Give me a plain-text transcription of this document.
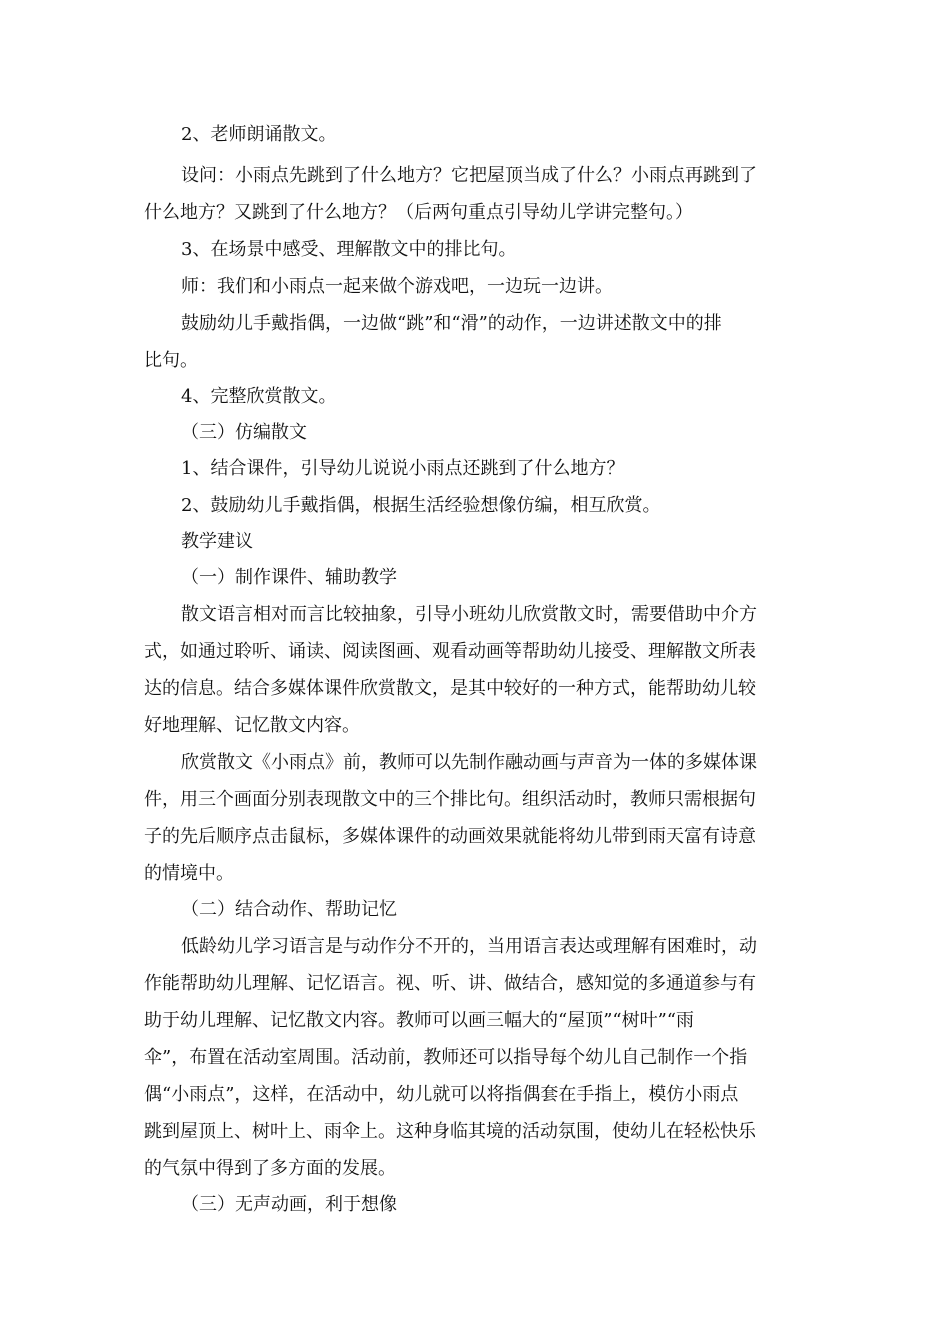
2、老师朗诵散文。

设问：小雨点先跳到了什么地方？它把屋顶当成了什么？小雨点再跳到了

什么地方？又跳到了什么地方？（后两句重点引导幼儿学讲完整句。）

3、在场景中感受、理解散文中的排比句。

师：我们和小雨点一起来做个游戏吧，一边玩一边讲。

鼓励幼儿手戴指偶，一边做“跳”和“滑”的动作，一边讲述散文中的排

比句。

4、完整欣赏散文。

（三）仿编散文

1、结合课件，引导幼儿说说小雨点还跳到了什么地方？

2、鼓励幼儿手戴指偶，根据生活经验想像仿编，相互欣赏。

教学建议

（一）制作课件、辅助教学

散文语言相对而言比较抽象，引导小班幼儿欣赏散文时，需要借助中介方

式，如通过聆听、诵读、阅读图画、观看动画等帮助幼儿接受、理解散文所表

达的信息。结合多媒体课件欣赏散文，是其中较好的一种方式，能帮助幼儿较

好地理解、记忆散文内容。

欣赏散文《小雨点》前，教师可以先制作融动画与声音为一体的多媒体课

件，用三个画面分别表现散文中的三个排比句。组织活动时，教师只需根据句

子的先后顺序点击鼠标，多媒体课件的动画效果就能将幼儿带到雨天富有诗意

的情境中。

（二）结合动作、帮助记忆

低龄幼儿学习语言是与动作分不开的，当用语言表达或理解有困难时，动

作能帮助幼儿理解、记忆语言。视、听、讲、做结合，感知觉的多通道参与有

助于幼儿理解、记忆散文内容。教师可以画三幅大的“屋顶”“树叶”“雨

伞”，布置在活动室周围。活动前，教师还可以指导每个幼儿自己制作一个指

偶“小雨点”，这样，在活动中，幼儿就可以将指偶套在手指上，模仿小雨点

跳到屋顶上、树叶上、雨伞上。这种身临其境的活动氛围，使幼儿在轻松快乐

的气氛中得到了多方面的发展。

（三）无声动画，利于想像
